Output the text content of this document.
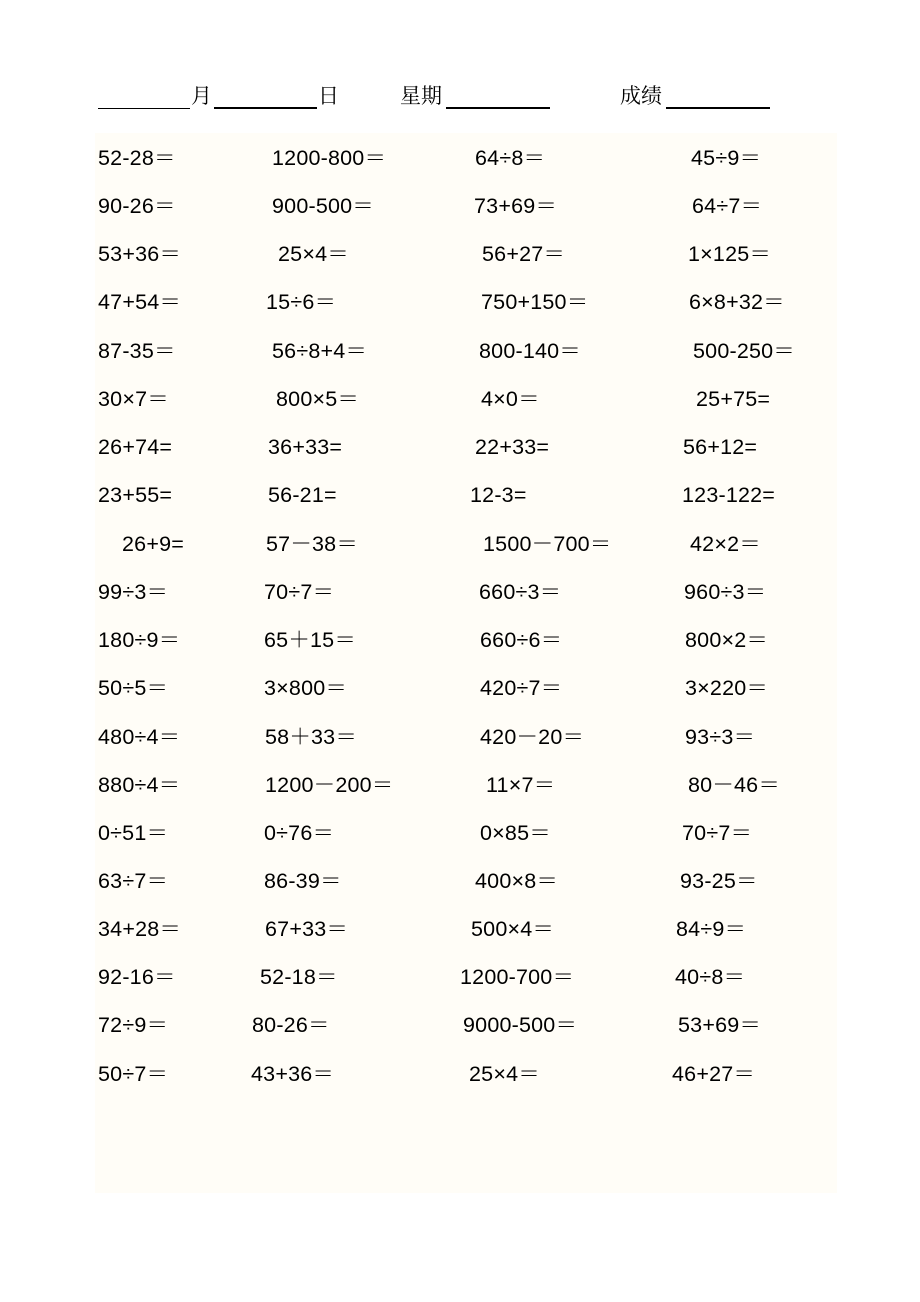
月	日	星期	成绩
52-28＝	1200-800＝	64÷8＝	45÷9＝
90-26＝	900-500＝	73+69＝	64÷7＝
53+36＝	25×4＝	56+27＝	1×125＝
47+54＝	15÷6＝	750+150＝	6×8+32＝
87-35＝	56÷8+4＝	800-140＝	500-250＝
30×7＝	800×5＝	4×0＝	25+75=
26+74=	36+33=	22+33=	56+12=
23+55=	56-21=	12-3=	123-122=
26+9=	57－38＝	1500－700＝	42×2＝
99÷3＝	70÷7＝	660÷3＝	960÷3＝
180÷9＝	65＋15＝	660÷6＝	800×2＝
50÷5＝	3×800＝	420÷7＝	3×220＝
480÷4＝	58＋33＝	420－20＝	93÷3＝
880÷4＝	1200－200＝	11×7＝	80－46＝
0÷51＝	0÷76＝	0×85＝	70÷7＝
63÷7＝	86-39＝	400×8＝	93-25＝
34+28＝	67+33＝	500×4＝	84÷9＝
92-16＝	52-18＝	1200-700＝	40÷8＝
72÷9＝	80-26＝	9000-500＝	53+69＝
50÷7＝	43+36＝	25×4＝	46+27＝
